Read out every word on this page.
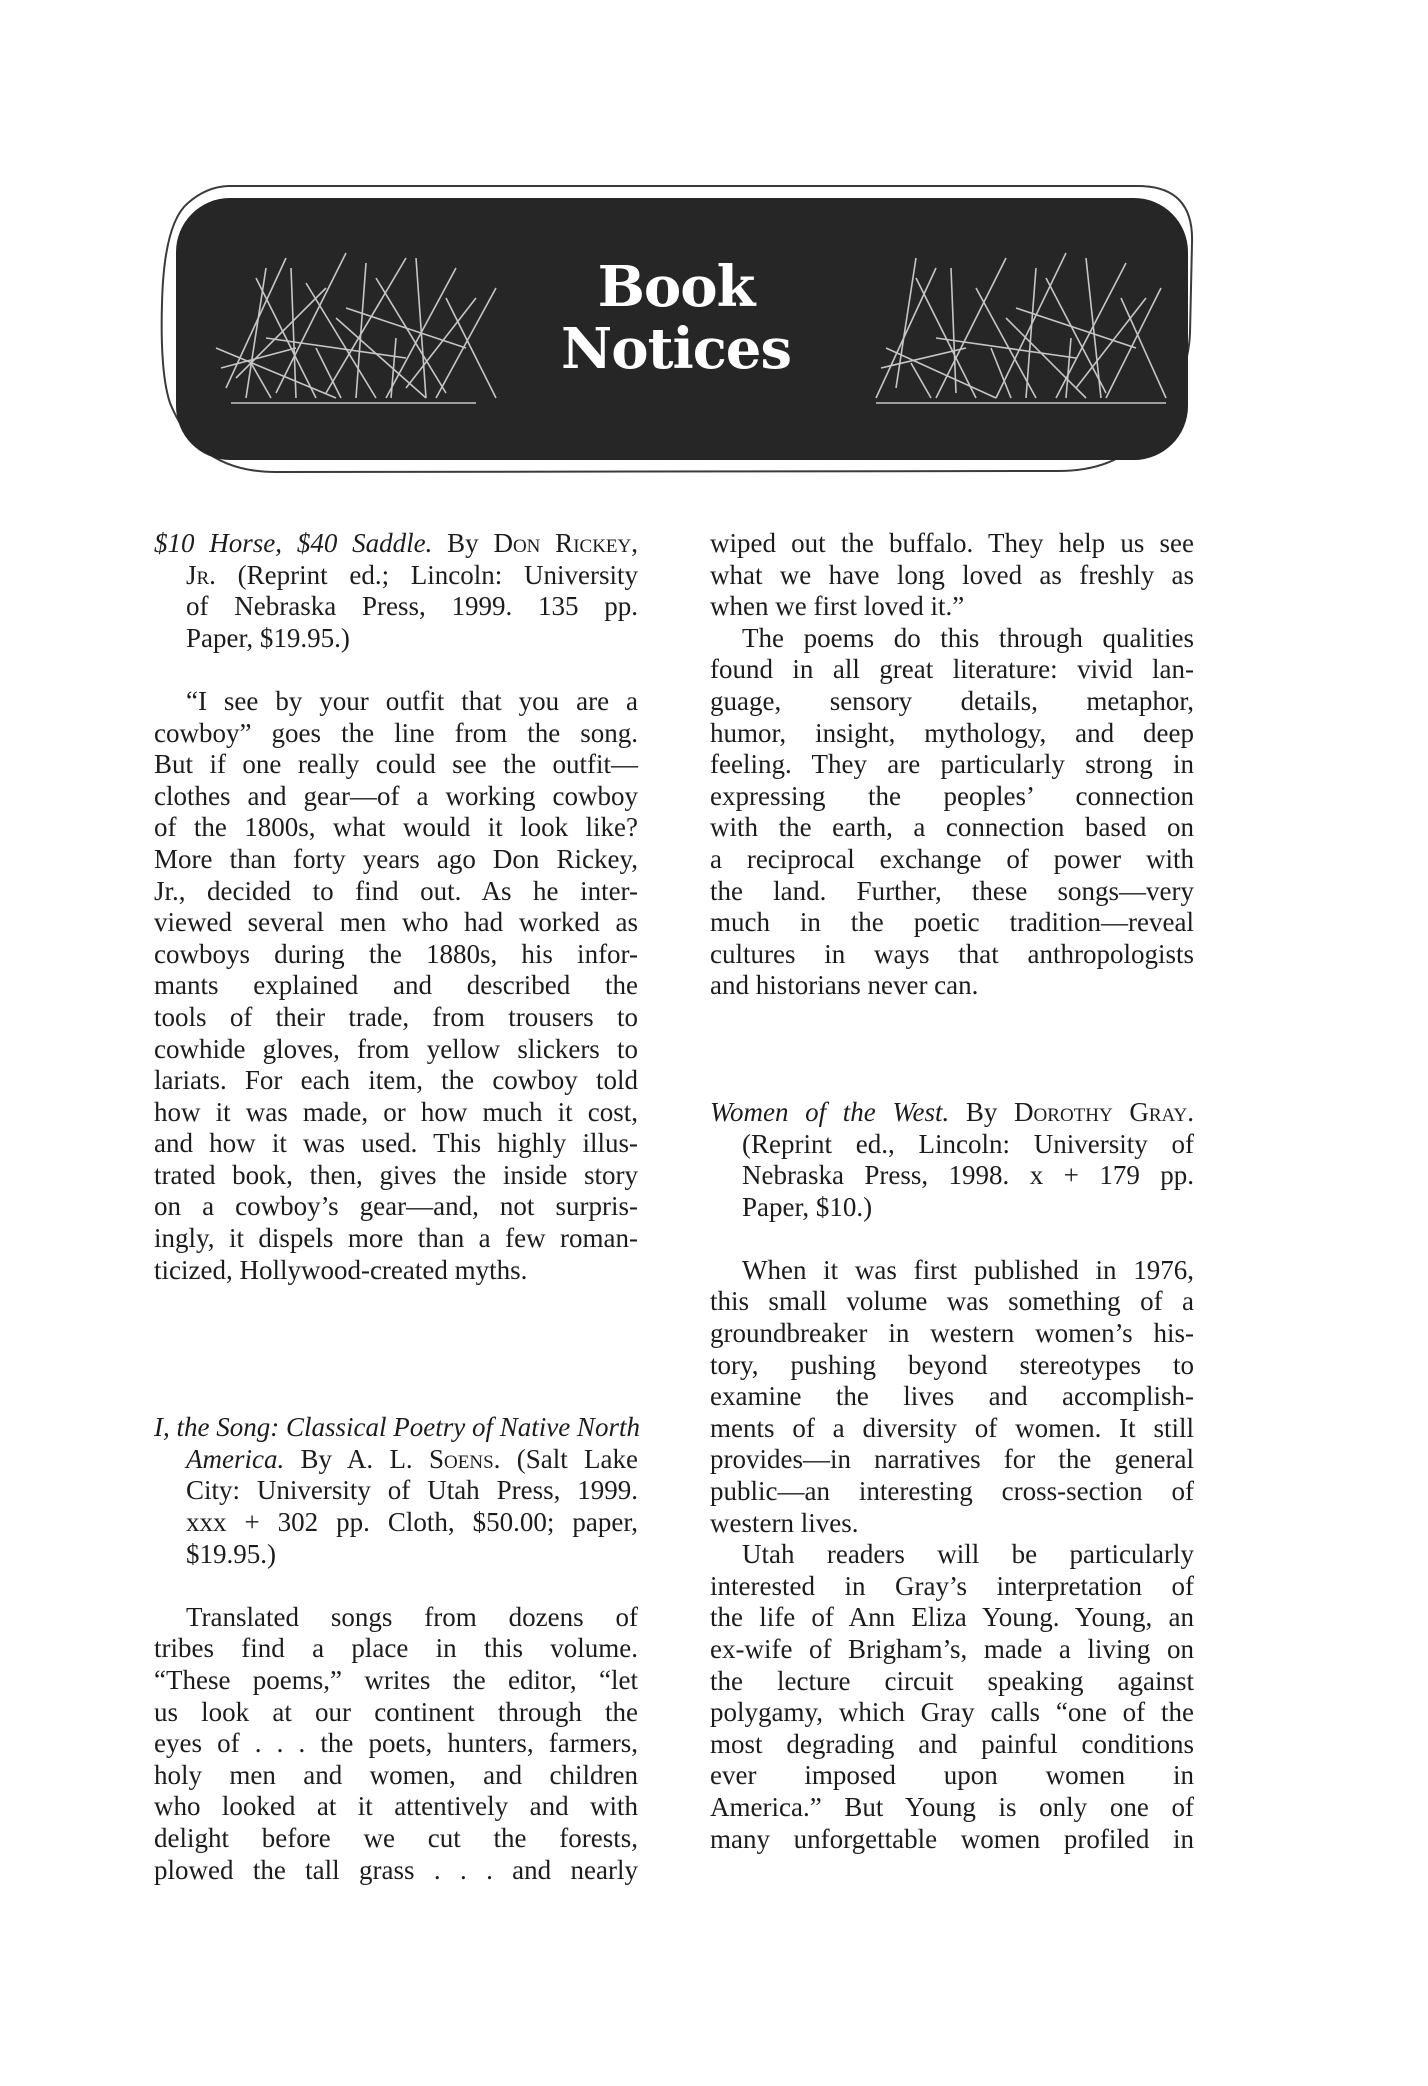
Book
Notices
$10 Horse, $40 Saddle. By Don Rickey,
Jr. (Reprint ed.; Lincoln: University
of Nebraska Press, 1999. 135 pp.
Paper, $19.95.)
“I see by your outfit that you are a
cowboy” goes the line from the song.
But if one really could see the outfit—
clothes and gear—of a working cowboy
of the 1800s, what would it look like?
More than forty years ago Don Rickey,
Jr., decided to find out. As he inter-
viewed several men who had worked as
cowboys during the 1880s, his infor-
mants explained and described the
tools of their trade, from trousers to
cowhide gloves, from yellow slickers to
lariats. For each item, the cowboy told
how it was made, or how much it cost,
and how it was used. This highly illus-
trated book, then, gives the inside story
on a cowboy’s gear—and, not surpris-
ingly, it dispels more than a few roman-
ticized, Hollywood-created myths.
I, the Song: Classical Poetry of Native North
America. By A. L. Soens. (Salt Lake
City: University of Utah Press, 1999.
xxx + 302 pp. Cloth, $50.00; paper,
$19.95.)
Translated songs from dozens of
tribes find a place in this volume.
“These poems,” writes the editor, “let
us look at our continent through the
eyes of . . . the poets, hunters, farmers,
holy men and women, and children
who looked at it attentively and with
delight before we cut the forests,
plowed the tall grass . . . and nearly
wiped out the buffalo. They help us see
what we have long loved as freshly as
when we first loved it.”
The poems do this through qualities
found in all great literature: vivid lan-
guage, sensory details, metaphor,
humor, insight, mythology, and deep
feeling. They are particularly strong in
expressing the peoples’ connection
with the earth, a connection based on
a reciprocal exchange of power with
the land. Further, these songs—very
much in the poetic tradition—reveal
cultures in ways that anthropologists
and historians never can.
Women of the West. By Dorothy Gray.
(Reprint ed., Lincoln: University of
Nebraska Press, 1998. x + 179 pp.
Paper, $10.)
When it was first published in 1976,
this small volume was something of a
groundbreaker in western women’s his-
tory, pushing beyond stereotypes to
examine the lives and accomplish-
ments of a diversity of women. It still
provides—in narratives for the general
public—an interesting cross-section of
western lives.
Utah readers will be particularly
interested in Gray’s interpretation of
the life of Ann Eliza Young. Young, an
ex-wife of Brigham’s, made a living on
the lecture circuit speaking against
polygamy, which Gray calls “one of the
most degrading and painful conditions
ever imposed upon women in
America.” But Young is only one of
many unforgettable women profiled in
